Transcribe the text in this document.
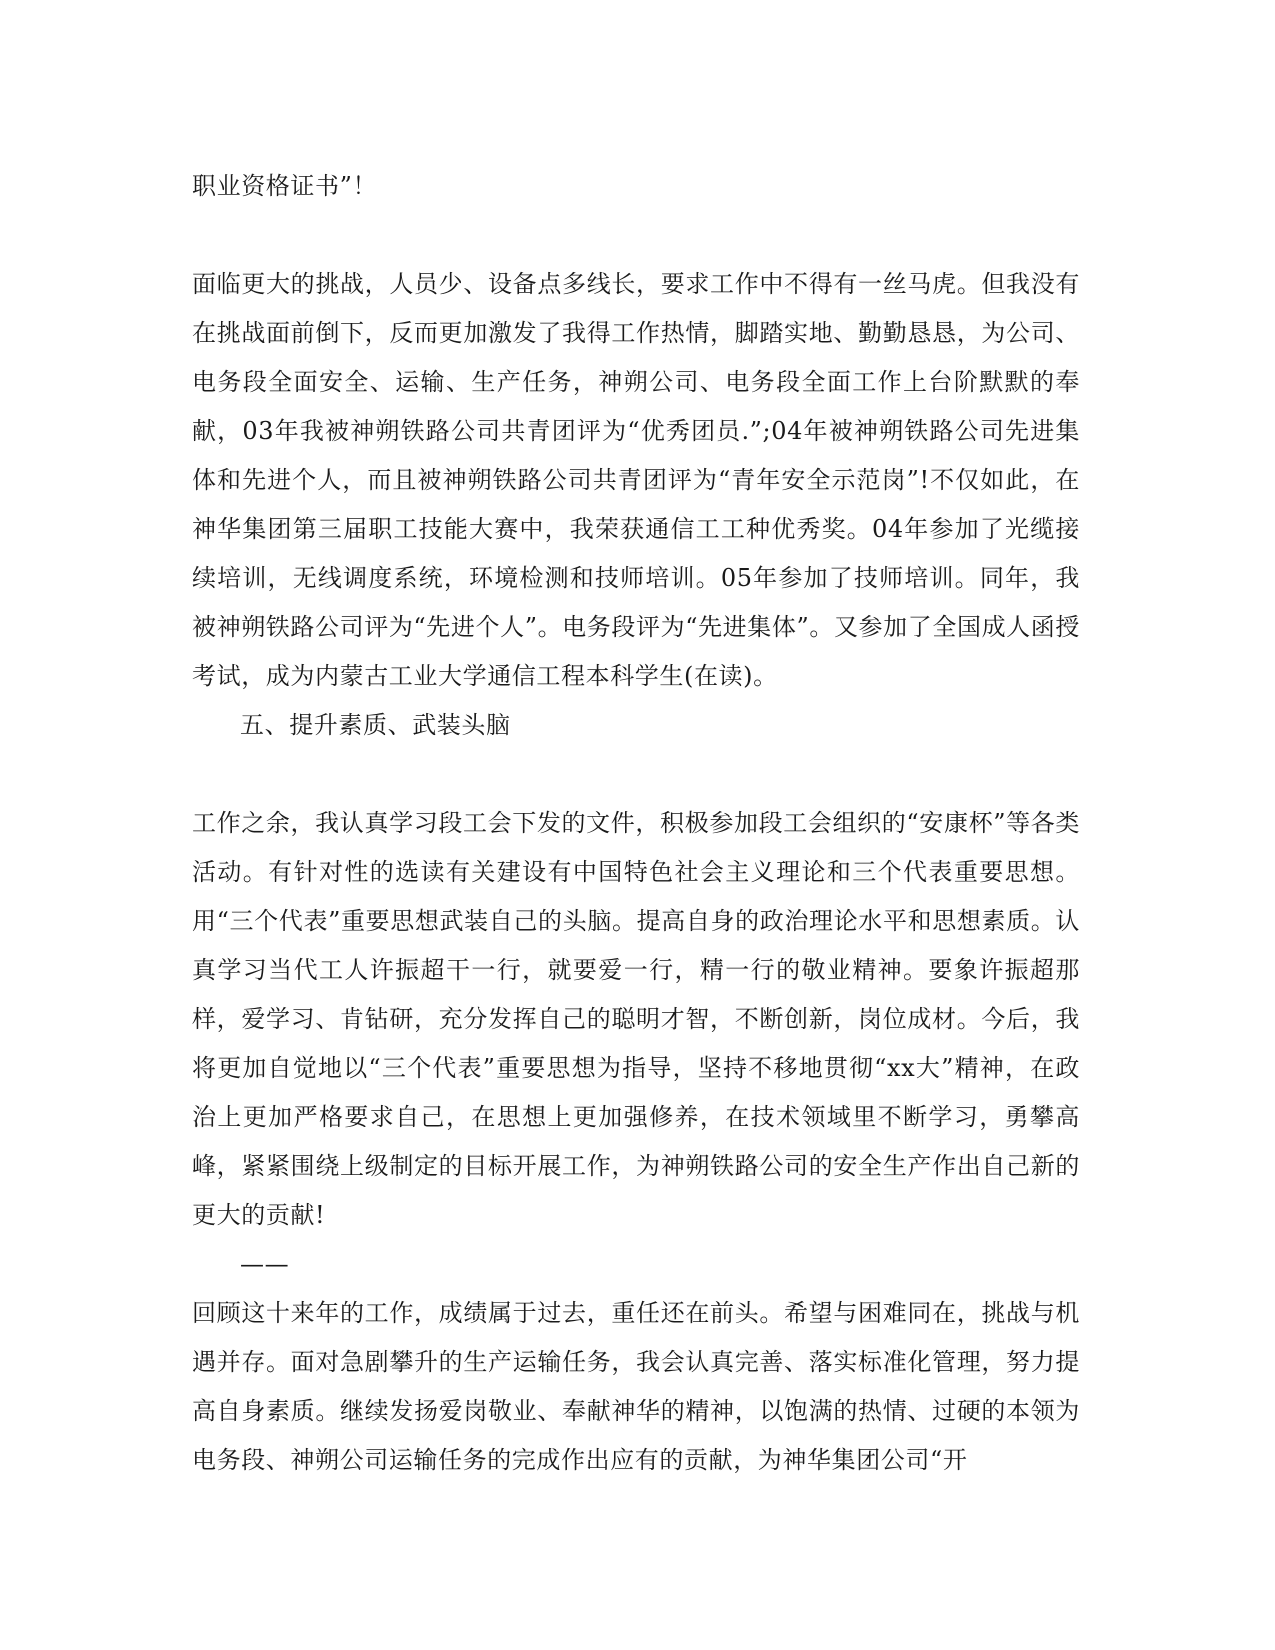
职业资格证书”！

面临更大的挑战，人员少、设备点多线长，要求工作中不得有一丝马虎。但我没有在挑战面前倒下，反而更加激发了我得工作热情，脚踏实地、勤勤恳恳，为公司、电务段全面安全、运输、生产任务，神朔公司、电务段全面工作上台阶默默的奉献，03年我被神朔铁路公司共青团评为“优秀团员.”;04年被神朔铁路公司先进集体和先进个人，而且被神朔铁路公司共青团评为“青年安全示范岗”!不仅如此，在神华集团第三届职工技能大赛中，我荣获通信工工种优秀奖。04年参加了光缆接续培训，无线调度系统，环境检测和技师培训。05年参加了技师培训。同年，我被神朔铁路公司评为“先进个人”。电务段评为“先进集体”。又参加了全国成人函授考试，成为内蒙古工业大学通信工程本科学生(在读)。

五、提升素质、武装头脑

工作之余，我认真学习段工会下发的文件，积极参加段工会组织的“安康杯”等各类活动。有针对性的选读有关建设有中国特色社会主义理论和三个代表重要思想。用“三个代表”重要思想武装自己的头脑。提高自身的政治理论水平和思想素质。认真学习当代工人许振超干一行，就要爱一行，精一行的敬业精神。要象许振超那样，爱学习、肯钻研，充分发挥自己的聪明才智，不断创新，岗位成材。今后，我将更加自觉地以“三个代表”重要思想为指导，坚持不移地贯彻“xx大”精神，在政治上更加严格要求自己，在思想上更加强修养，在技术领域里不断学习，勇攀高峰，紧紧围绕上级制定的目标开展工作，为神朔铁路公司的安全生产作出自己新的更大的贡献!

——

回顾这十来年的工作，成绩属于过去，重任还在前头。希望与困难同在，挑战与机遇并存。面对急剧攀升的生产运输任务，我会认真完善、落实标准化管理，努力提高自身素质。继续发扬爱岗敬业、奉献神华的精神，以饱满的热情、过硬的本领为电务段、神朔公司运输任务的完成作出应有的贡献，为神华集团公司“开
